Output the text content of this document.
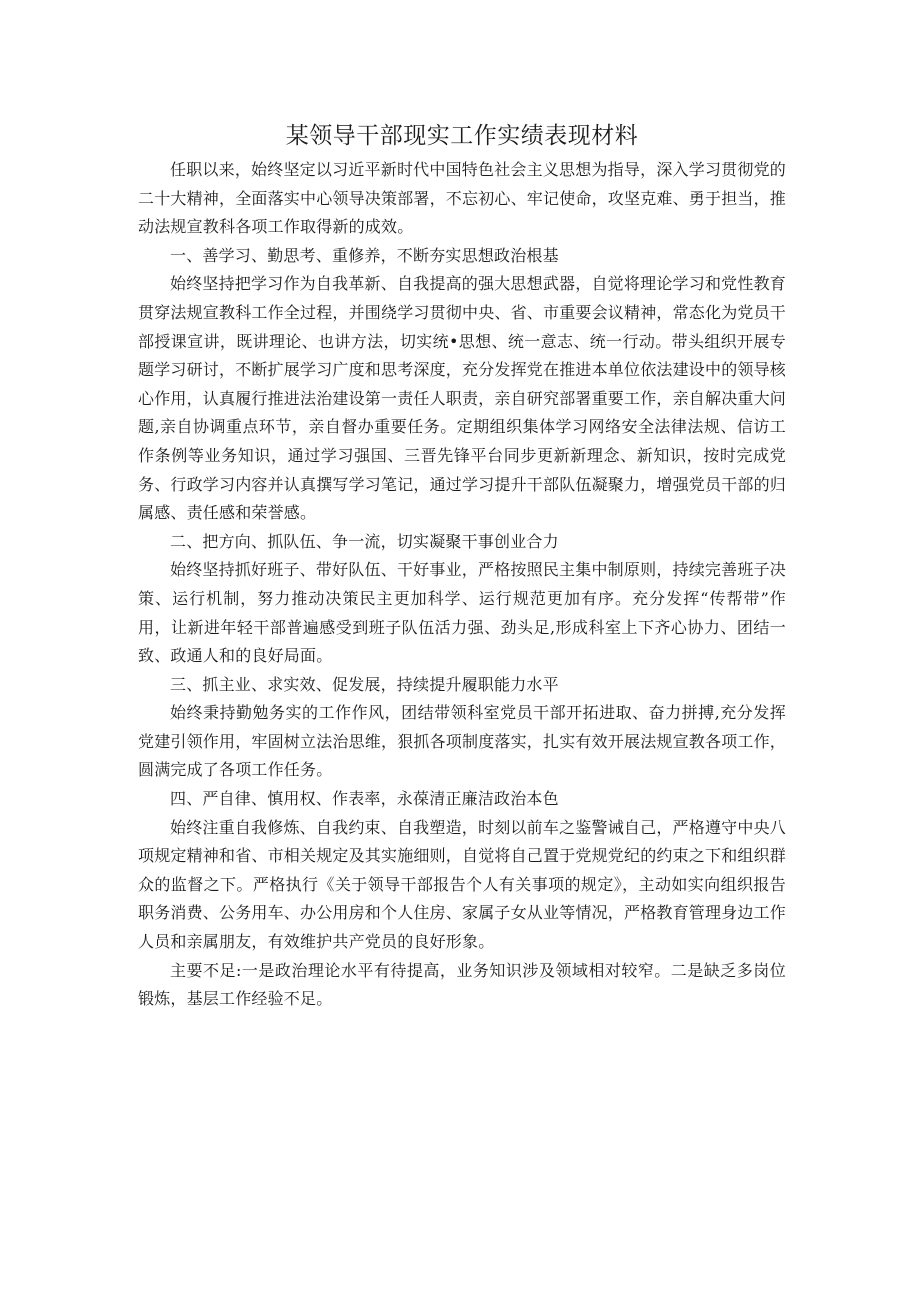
某领导干部现实工作实绩表现材料

任职以来，始终坚定以习近平新时代中国特色社会主义思想为指导，深入学习贯彻党的二十大精神，全面落实中心领导决策部署，不忘初心、牢记使命，攻坚克难、勇于担当，推动法规宣教科各项工作取得新的成效。

一、善学习、勤思考、重修养，不断夯实思想政治根基

始终坚持把学习作为自我革新、自我提高的强大思想武器，自觉将理论学习和党性教育贯穿法规宣教科工作全过程，并围绕学习贯彻中央、省、市重要会议精神，常态化为党员干部授课宣讲，既讲理论、也讲方法，切实统•思想、统一意志、统一行动。带头组织开展专题学习研讨，不断扩展学习广度和思考深度，充分发挥党在推进本单位依法建设中的领导核心作用，认真履行推进法治建设第一责任人职责，亲自研究部署重要工作，亲自解决重大问题,亲自协调重点环节，亲自督办重要任务。定期组织集体学习网络安全法律法规、信访工作条例等业务知识，通过学习强国、三晋先锋平台同步更新新理念、新知识，按时完成党务、行政学习内容并认真撰写学习笔记，通过学习提升干部队伍凝聚力，增强党员干部的归属感、责任感和荣誉感。

二、把方向、抓队伍、争一流，切实凝聚干事创业合力

始终坚持抓好班子、带好队伍、干好事业，严格按照民主集中制原则，持续完善班子决策、运行机制，努力推动决策民主更加科学、运行规范更加有序。充分发挥“传帮带”作用，让新进年轻干部普遍感受到班子队伍活力强、劲头足,形成科室上下齐心协力、团结一致、政通人和的良好局面。

三、抓主业、求实效、促发展，持续提升履职能力水平

始终秉持勤勉务实的工作作风，团结带领科室党员干部开拓进取、奋力拼搏,充分发挥党建引领作用，牢固树立法治思维，狠抓各项制度落实，扎实有效开展法规宣教各项工作，圆满完成了各项工作任务。

四、严自律、慎用权、作表率，永葆清正廉洁政治本色

始终注重自我修炼、自我约束、自我塑造，时刻以前车之鉴警诫自己，严格遵守中央八项规定精神和省、市相关规定及其实施细则，自觉将自己置于党规党纪的约束之下和组织群众的监督之下。严格执行《关于领导干部报告个人有关事项的规定》，主动如实向组织报告职务消费、公务用车、办公用房和个人住房、家属子女从业等情况，严格教育管理身边工作人员和亲属朋友，有效维护共产党员的良好形象。

主要不足:一是政治理论水平有待提高，业务知识涉及领域相对较窄。二是缺乏多岗位锻炼，基层工作经验不足。
